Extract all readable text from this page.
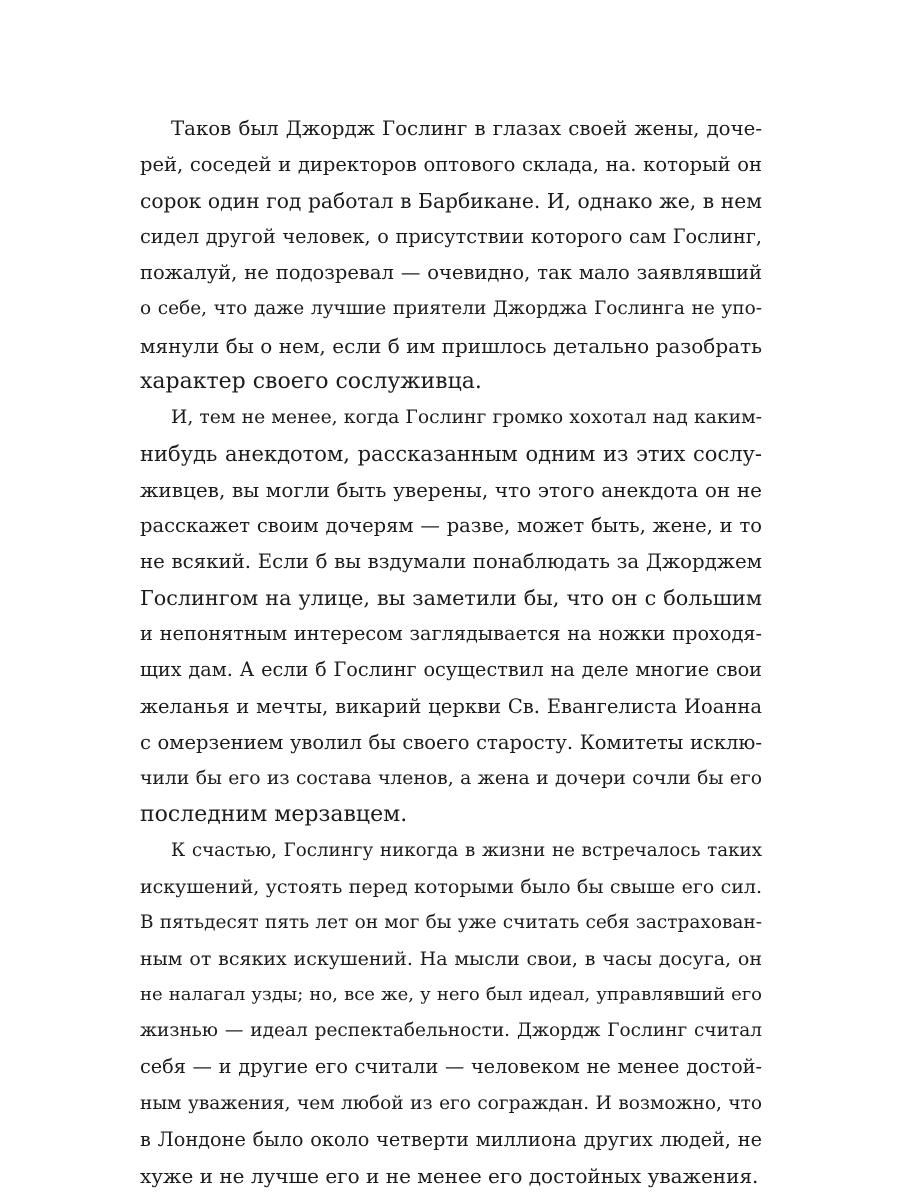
Таков был Джордж Гослинг в глазах своей жены, доче-
рей, соседей и директоров оптового склада, на. который он
сорок один год работал в Барбикане. И, однако же, в нем
сидел другой человек, о присутствии которого сам Гослинг,
пожалуй, не подозревал — очевидно, так мало заявлявший
о себе, что даже лучшие приятели Джорджа Гослинга не упо-
мянули бы о нем, если б им пришлось детально разобрать
характер своего сослуживца.

И, тем не менее, когда Гослинг громко хохотал над каким-
нибудь анекдотом, рассказанным одним из этих сослу-
живцев, вы могли быть уверены, что этого анекдота он не
расскажет своим дочерям — разве, может быть, жене, и то
не всякий. Если б вы вздумали понаблюдать за Джорджем
Гослингом на улице, вы заметили бы, что он с большим
и непонятным интересом заглядывается на ножки проходя-
щих дам. А если б Гослинг осуществил на деле многие свои
желанья и мечты, викарий церкви Св. Евангелиста Иоанна
с омерзением уволил бы своего старосту. Комитеты исклю-
чили бы его из состава членов, а жена и дочери сочли бы его
последним мерзавцем.

К счастью, Гослингу никогда в жизни не встречалось таких
искушений, устоять перед которыми было бы свыше его сил.
В пятьдесят пять лет он мог бы уже считать себя застрахован-
ным от всяких искушений. На мысли свои, в часы досуга, он
не налагал узды; но, все же, у него был идеал, управлявший его
жизнью — идеал респектабельности. Джордж Гослинг считал
себя — и другие его считали — человеком не менее достой-
ным уважения, чем любой из его сограждан. И возможно, что
в Лондоне было около четверти миллиона других людей, не
хуже и не лучше его и не менее его достойных уважения.
